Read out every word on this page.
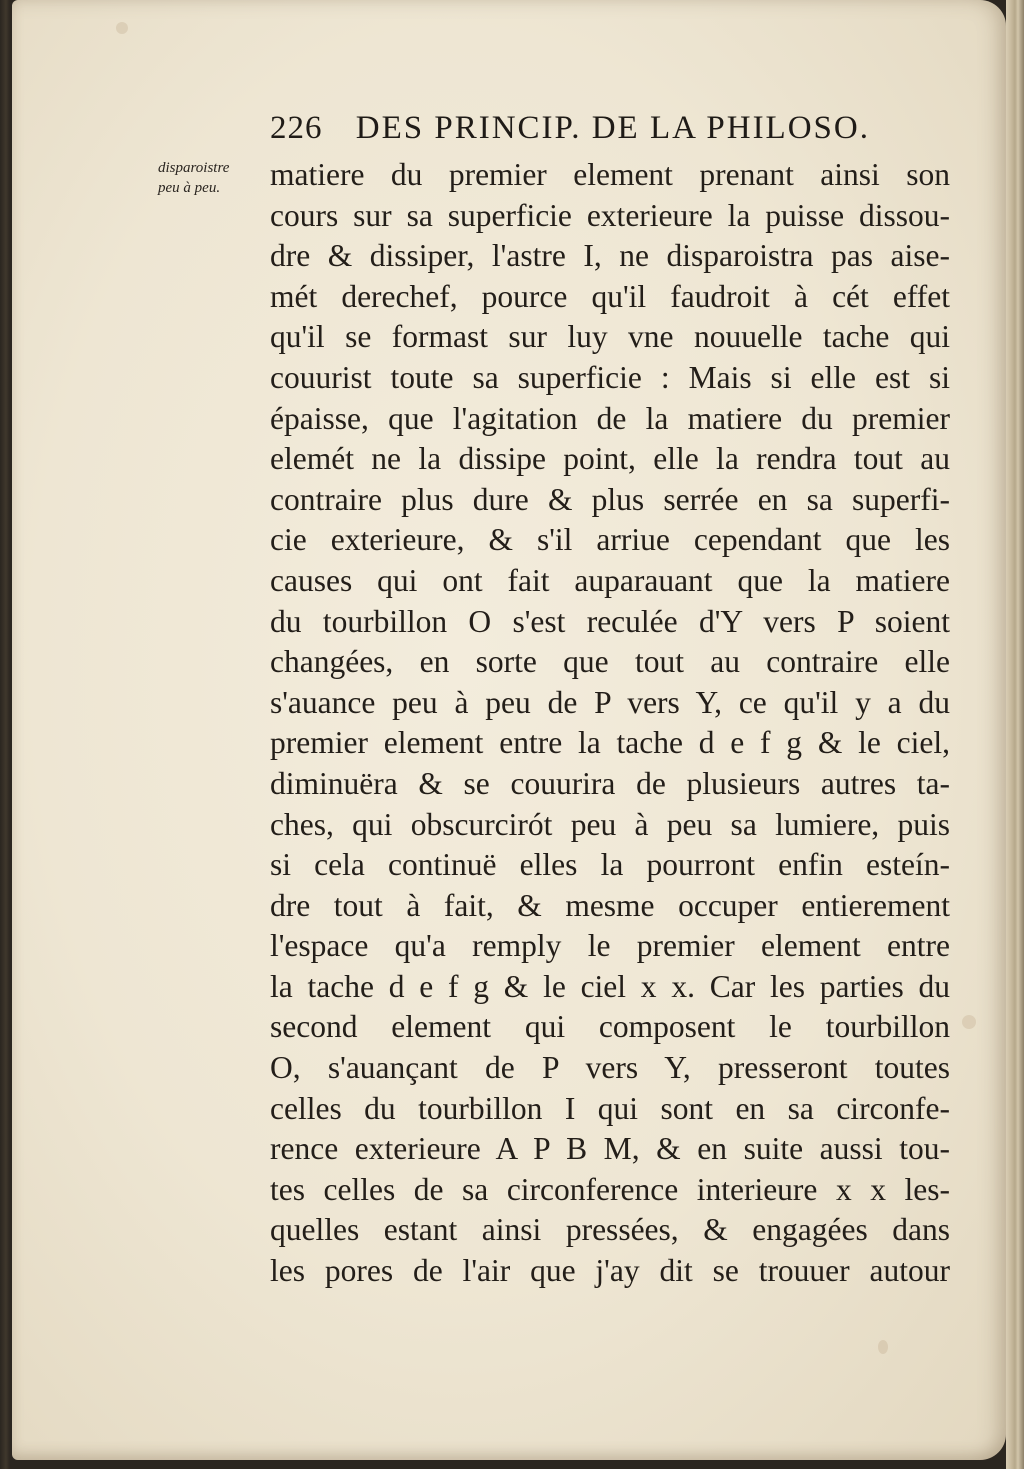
226 DES PRINCIP. DE LA PHILOSO.
disparoistre
peu à peu.	matiere du premier element prenant ainsi son
cours sur sa superficie exterieure la puisse dissou-
dre & dissiper, l'astre I, ne disparoistra pas aise-
mét derechef, pource qu'il faudroit à cét effet
qu'il se formast sur luy vne nouuelle tache qui
couurist toute sa superficie : Mais si elle est si
épaisse, que l'agitation de la matiere du premier
elemét ne la dissipe point, elle la rendra tout au
contraire plus dure & plus serrée en sa superfi-
cie exterieure, & s'il arriue cependant que les
causes qui ont fait auparauant que la matiere
du tourbillon O s'est reculée d'Y vers P soient
changées, en sorte que tout au contraire elle
s'auance peu à peu de P vers Y, ce qu'il y a du
premier element entre la tache d e f g & le ciel,
diminuëra & se couurira de plusieurs autres ta-
ches, qui obscurcirót peu à peu sa lumiere, puis
si cela continuë elles la pourront enfin esteín-
dre tout à fait, & mesme occuper entierement
l'espace qu'a remply le premier element entre
la tache d e f g & le ciel x x. Car les parties du
second element qui composent le tourbillon
O, s'auançant de P vers Y, presseront toutes
celles du tourbillon I qui sont en sa circonfe-
rence exterieure A P B M, & en suite aussi tou-
tes celles de sa circonference interieure x x les-
quelles estant ainsi pressées, & engagées dans
les pores de l'air que j'ay dit se trouuer autour
